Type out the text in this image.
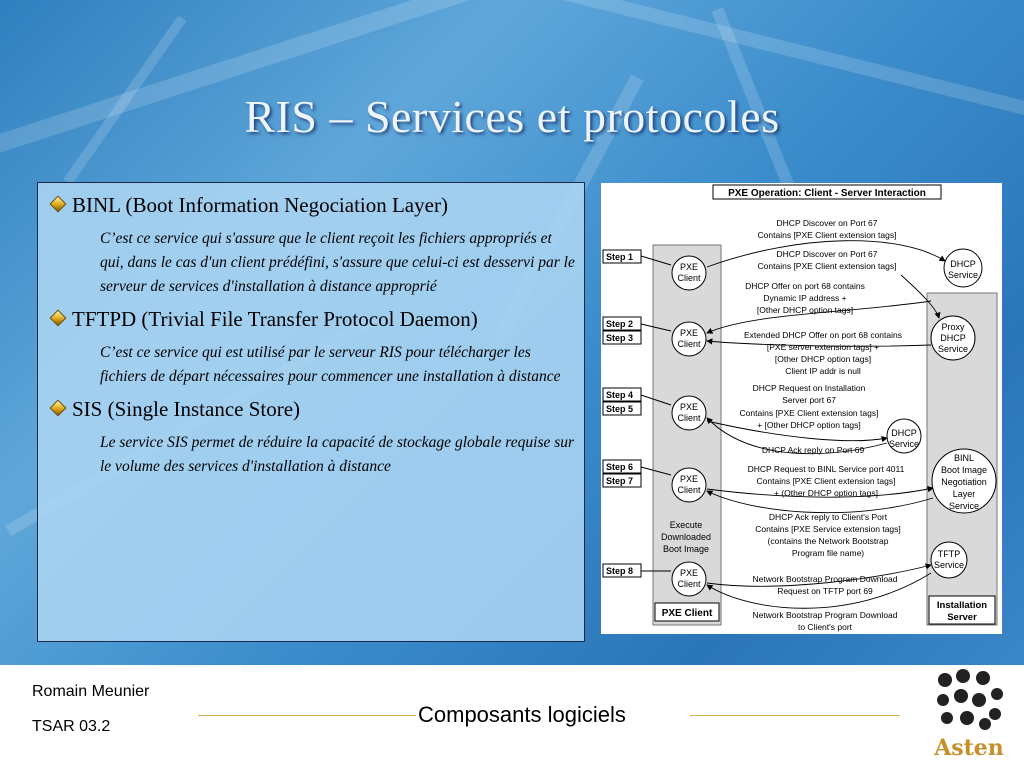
RIS – Services et protocoles

BINL (Boot Information Negociation Layer)

C’est ce service qui s'assure que le client reçoit les fichiers appropriés et qui, dans le cas d'un client prédéfini, s'assure que celui-ci est desservi par le serveur de services d'installation à distance approprié

TFTPD (Trivial File Transfer Protocol Daemon)

C’est ce service qui est utilisé par le serveur RIS pour télécharger les fichiers de départ nécessaires pour commencer une installation à distance

SIS (Single Instance Store)

Le service SIS permet de réduire la capacité de stockage globale requise sur le volume des services d'installation à distance

PXE Operation: Client - Server Interaction
PXE Client
Installation
Server
Step 1
Step 2
Step 3
Step 4
Step 5
Step 6
Step 7
Step 8
PXE
Client
PXE
Client
PXE
Client
PXE
Client
PXE
Client
Execute
Downloaded
Boot Image
DHCP
Service
Proxy
DHCP
Service
DHCP
Service
BINL
Boot Image
Negotiation
Layer
Service
TFTP
Service
DHCP Discover on Port 67
Contains [PXE Client extension tags]
DHCP Discover on Port 67
Contains [PXE Client extension tags]
DHCP Offer on port 68 contains
Dynamic IP address +
[Other DHCP option tags]
Extended DHCP Offer on port 68 contains
[PXE server extension tags] +
[Other DHCP option tags]
Client IP addr is null
DHCP Request on Installation
Server port 67
Contains [PXE Client extension tags]
+ [Other DHCP option tags]
DHCP Ack reply on Port 69
DHCP Request to BINL Service port 4011
Contains [PXE Client extension tags]
+ (Other DHCP option tags]
DHCP Ack reply to Client's Port
Contains [PXE Service extension tags]
(contains the Network Bootstrap
Program file name)
Network Bootstrap Program Download
Request on TFTP port 69
Network Bootstrap Program Download
to Client's port
Romain Meunier
TSAR 03.2	Composants logiciels
Asten
